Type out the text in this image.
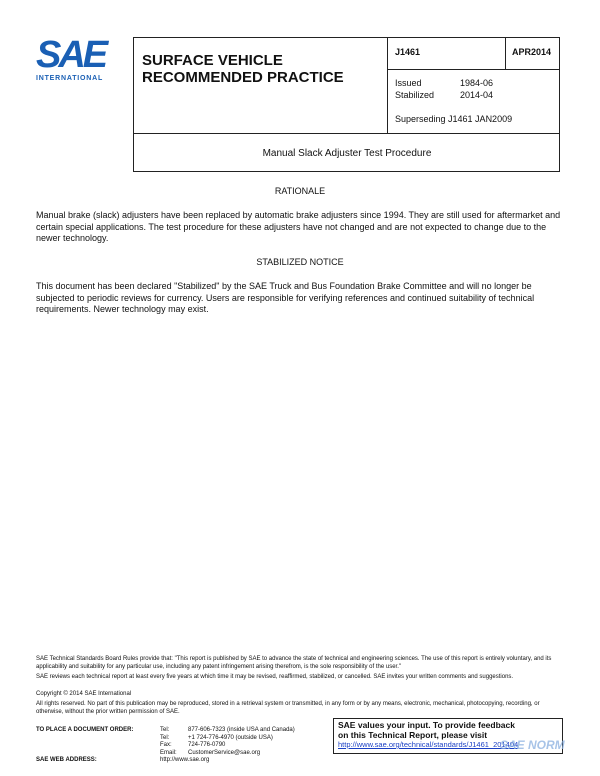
SAE
INTERNATIONAL
SURFACE VEHICLE
RECOMMENDED PRACTICE
J1461	APR2014
Issued	1984-06
Stabilized	2014-04
Superseding J1461 JAN2009
Manual Slack Adjuster Test Procedure
RATIONALE
Manual brake (slack) adjusters have been replaced by automatic brake adjusters since 1994. They are still used for aftermarket and certain special applications. The test procedure for these adjusters have not changed and are not expected to change due to the newer technology.
STABILIZED NOTICE
This document has been declared "Stabilized" by the SAE Truck and Bus Foundation Brake Committee and will no longer be subjected to periodic reviews for currency. Users are responsible for verifying references and continued suitability of technical requirements. Newer technology may exist.
SAE Technical Standards Board Rules provide that: "This report is published by SAE to advance the state of technical and engineering sciences. The use of this report is entirely voluntary, and its applicability and suitability for any particular use, including any patent infringement arising therefrom, is the sole responsibility of the user."
SAE reviews each technical report at least every five years at which time it may be revised, reaffirmed, stabilized, or cancelled. SAE invites your written comments and suggestions.
Copyright © 2014 SAE International
All rights reserved. No part of this publication may be reproduced, stored in a retrieval system or transmitted, in any form or by any means, electronic, mechanical, photocopying, recording, or otherwise, without the prior written permission of SAE.
TO PLACE A DOCUMENT ORDER:	Tel:	877-606-7323 (inside USA and Canada)
Tel:	+1 724-776-4970 (outside USA)
Fax:	724-776-0790
Email: CustomerService@sae.org
SAE WEB ADDRESS:	http://www.sae.org
SAE values your input. To provide feedback
on this Technical Report, please visit
http://www.sae.org/technical/standards/J1461_201404
SAE NORM
